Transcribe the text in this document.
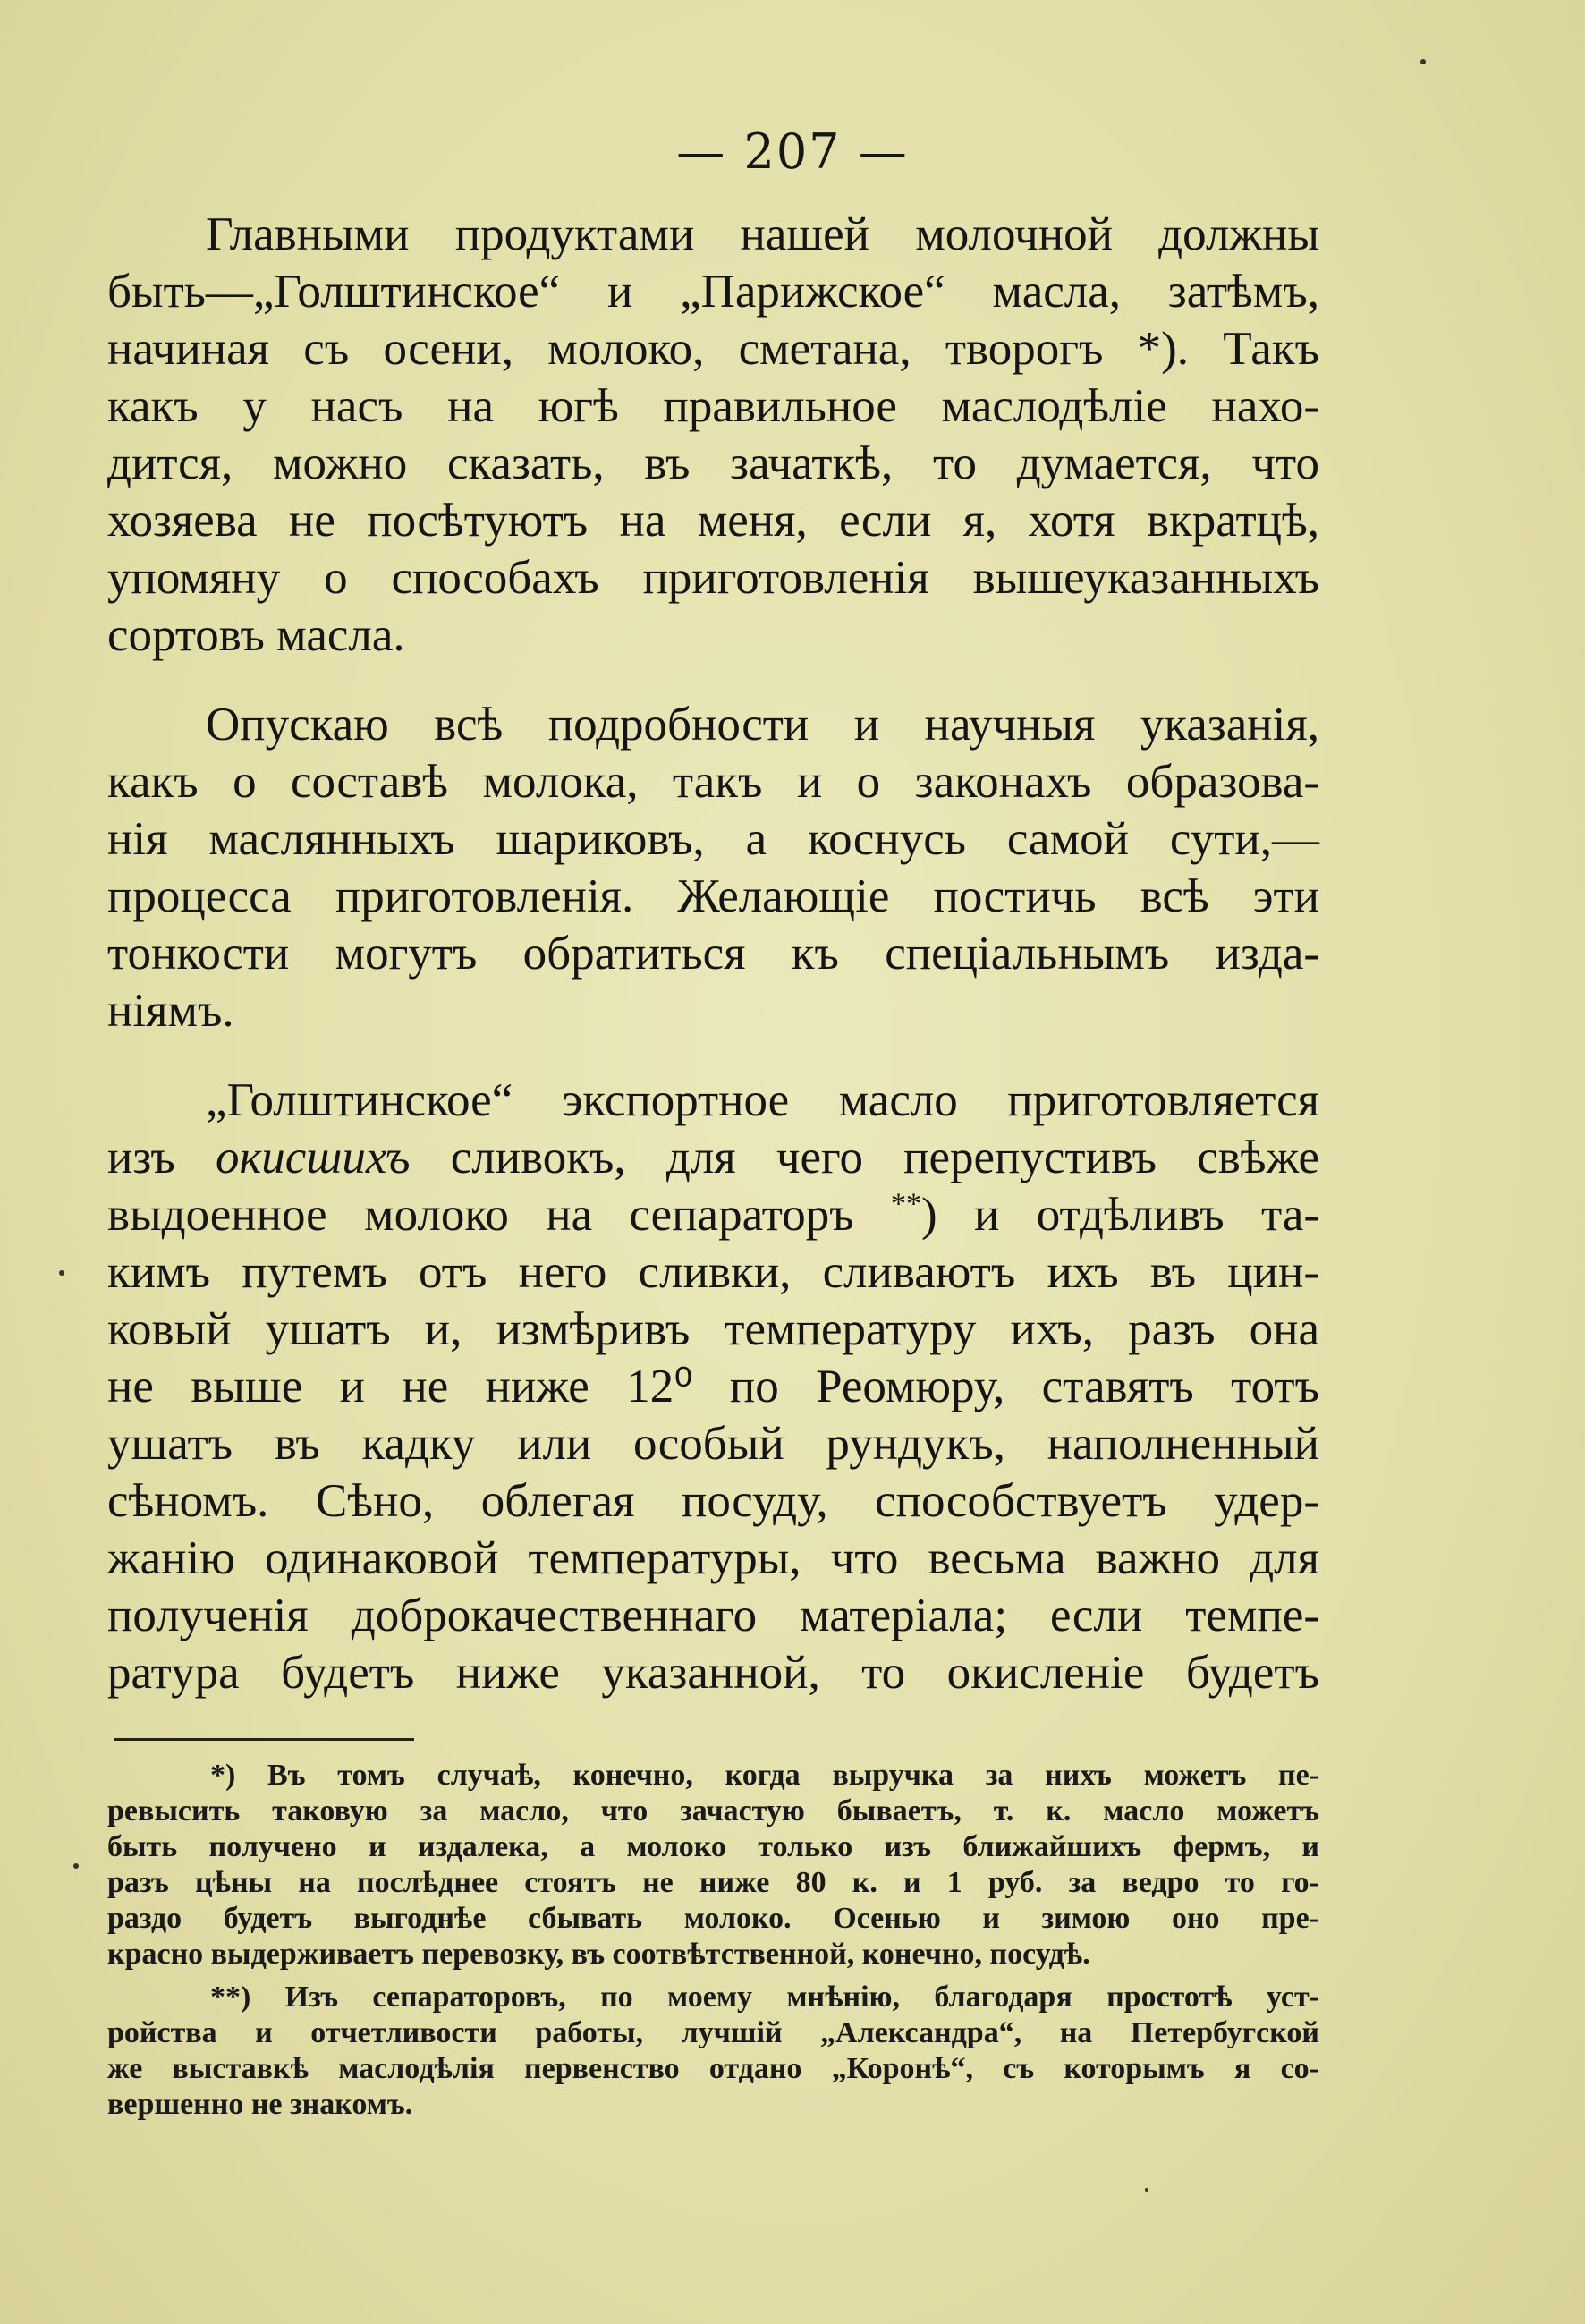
— 207 —
Главными продуктами нашей молочной должны
быть—„Голштинское“ и „Парижское“ масла, затѣмъ,
начиная съ осени, молоко, сметана, творогъ *). Такъ
какъ у насъ на югѣ правильное маслодѣліе нахо-
дится, можно сказать, въ зачаткѣ, то думается, что
хозяева не посѣтуютъ на меня, если я, хотя вкратцѣ,
упомяну о способахъ приготовленія вышеуказанныхъ
сортовъ масла.
Опускаю всѣ подробности и научныя указанія,
какъ о составѣ молока, такъ и о законахъ образова-
нія маслянныхъ шариковъ, а коснусь самой сути,—
процесса приготовленія. Желающіе постичь всѣ эти
тонкости могутъ обратиться къ спеціальнымъ изда-
ніямъ.
„Голштинское“ экспортное масло приготовляется
изъ окисшихъ сливокъ, для чего перепустивъ свѣже
выдоенное молоко на сепараторъ **) и отдѣливъ та-
кимъ путемъ отъ него сливки, сливаютъ ихъ въ цин-
ковый ушатъ и, измѣривъ температуру ихъ, разъ она
не выше и не ниже 12⁰ по Реомюру, ставятъ тотъ
ушатъ въ кадку или особый рундукъ, наполненный
сѣномъ. Сѣно, облегая посуду, способствуетъ удер-
жанію одинаковой температуры, что весьма важно для
полученія доброкачественнаго матеріала; если темпе-
ратура будетъ ниже указанной, то окисленіе будетъ
*) Въ томъ случаѣ, конечно, когда выручка за нихъ можетъ пе-
ревысить таковую за масло, что зачастую бываетъ, т. к. масло можетъ
быть получено и издалека, а молоко только изъ ближайшихъ фермъ, и
разъ цѣны на послѣднее стоятъ не ниже 80 к. и 1 руб. за ведро то го-
раздо будетъ выгоднѣе сбывать молоко. Осенью и зимою оно пре-
красно выдерживаетъ перевозку, въ соотвѣтственной, конечно, посудѣ.
**) Изъ сепараторовъ, по моему мнѣнію, благодаря простотѣ уст-
ройства и отчетливости работы, лучшій „Александра“, на Петербугской
же выставкѣ маслодѣлія первенство отдано „Коронѣ“, съ которымъ я со-
вершенно не знакомъ.
